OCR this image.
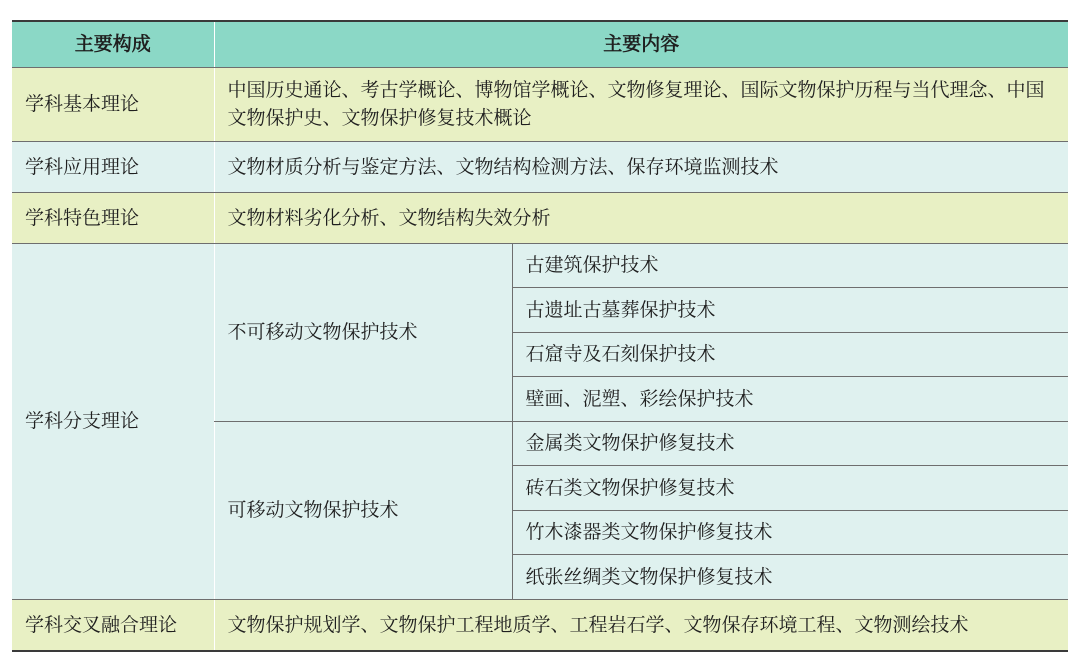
主要构成	主要内容	
学科基本理论	中国历史通论、考古学概论、博物馆学概论、文物修复理论、国际文物保护历程与当代理念、中国文物保护史、文物保护修复技术概论	
学科应用理论	文物材质分析与鉴定方法、文物结构检测方法、保存环境监测技术	
学科特色理论	文物材料劣化分析、文物结构失效分析	
学科分支理论	不可移动文物保护技术	古建筑保护技术
		古遗址古墓葬保护技术
		石窟寺及石刻保护技术
		壁画、泥塑、彩绘保护技术
	可移动文物保护技术	金属类文物保护修复技术
		砖石类文物保护修复技术
		竹木漆器类文物保护修复技术
		纸张丝绸类文物保护修复技术
学科交叉融合理论	文物保护规划学、文物保护工程地质学、工程岩石学、文物保存环境工程、文物测绘技术	
